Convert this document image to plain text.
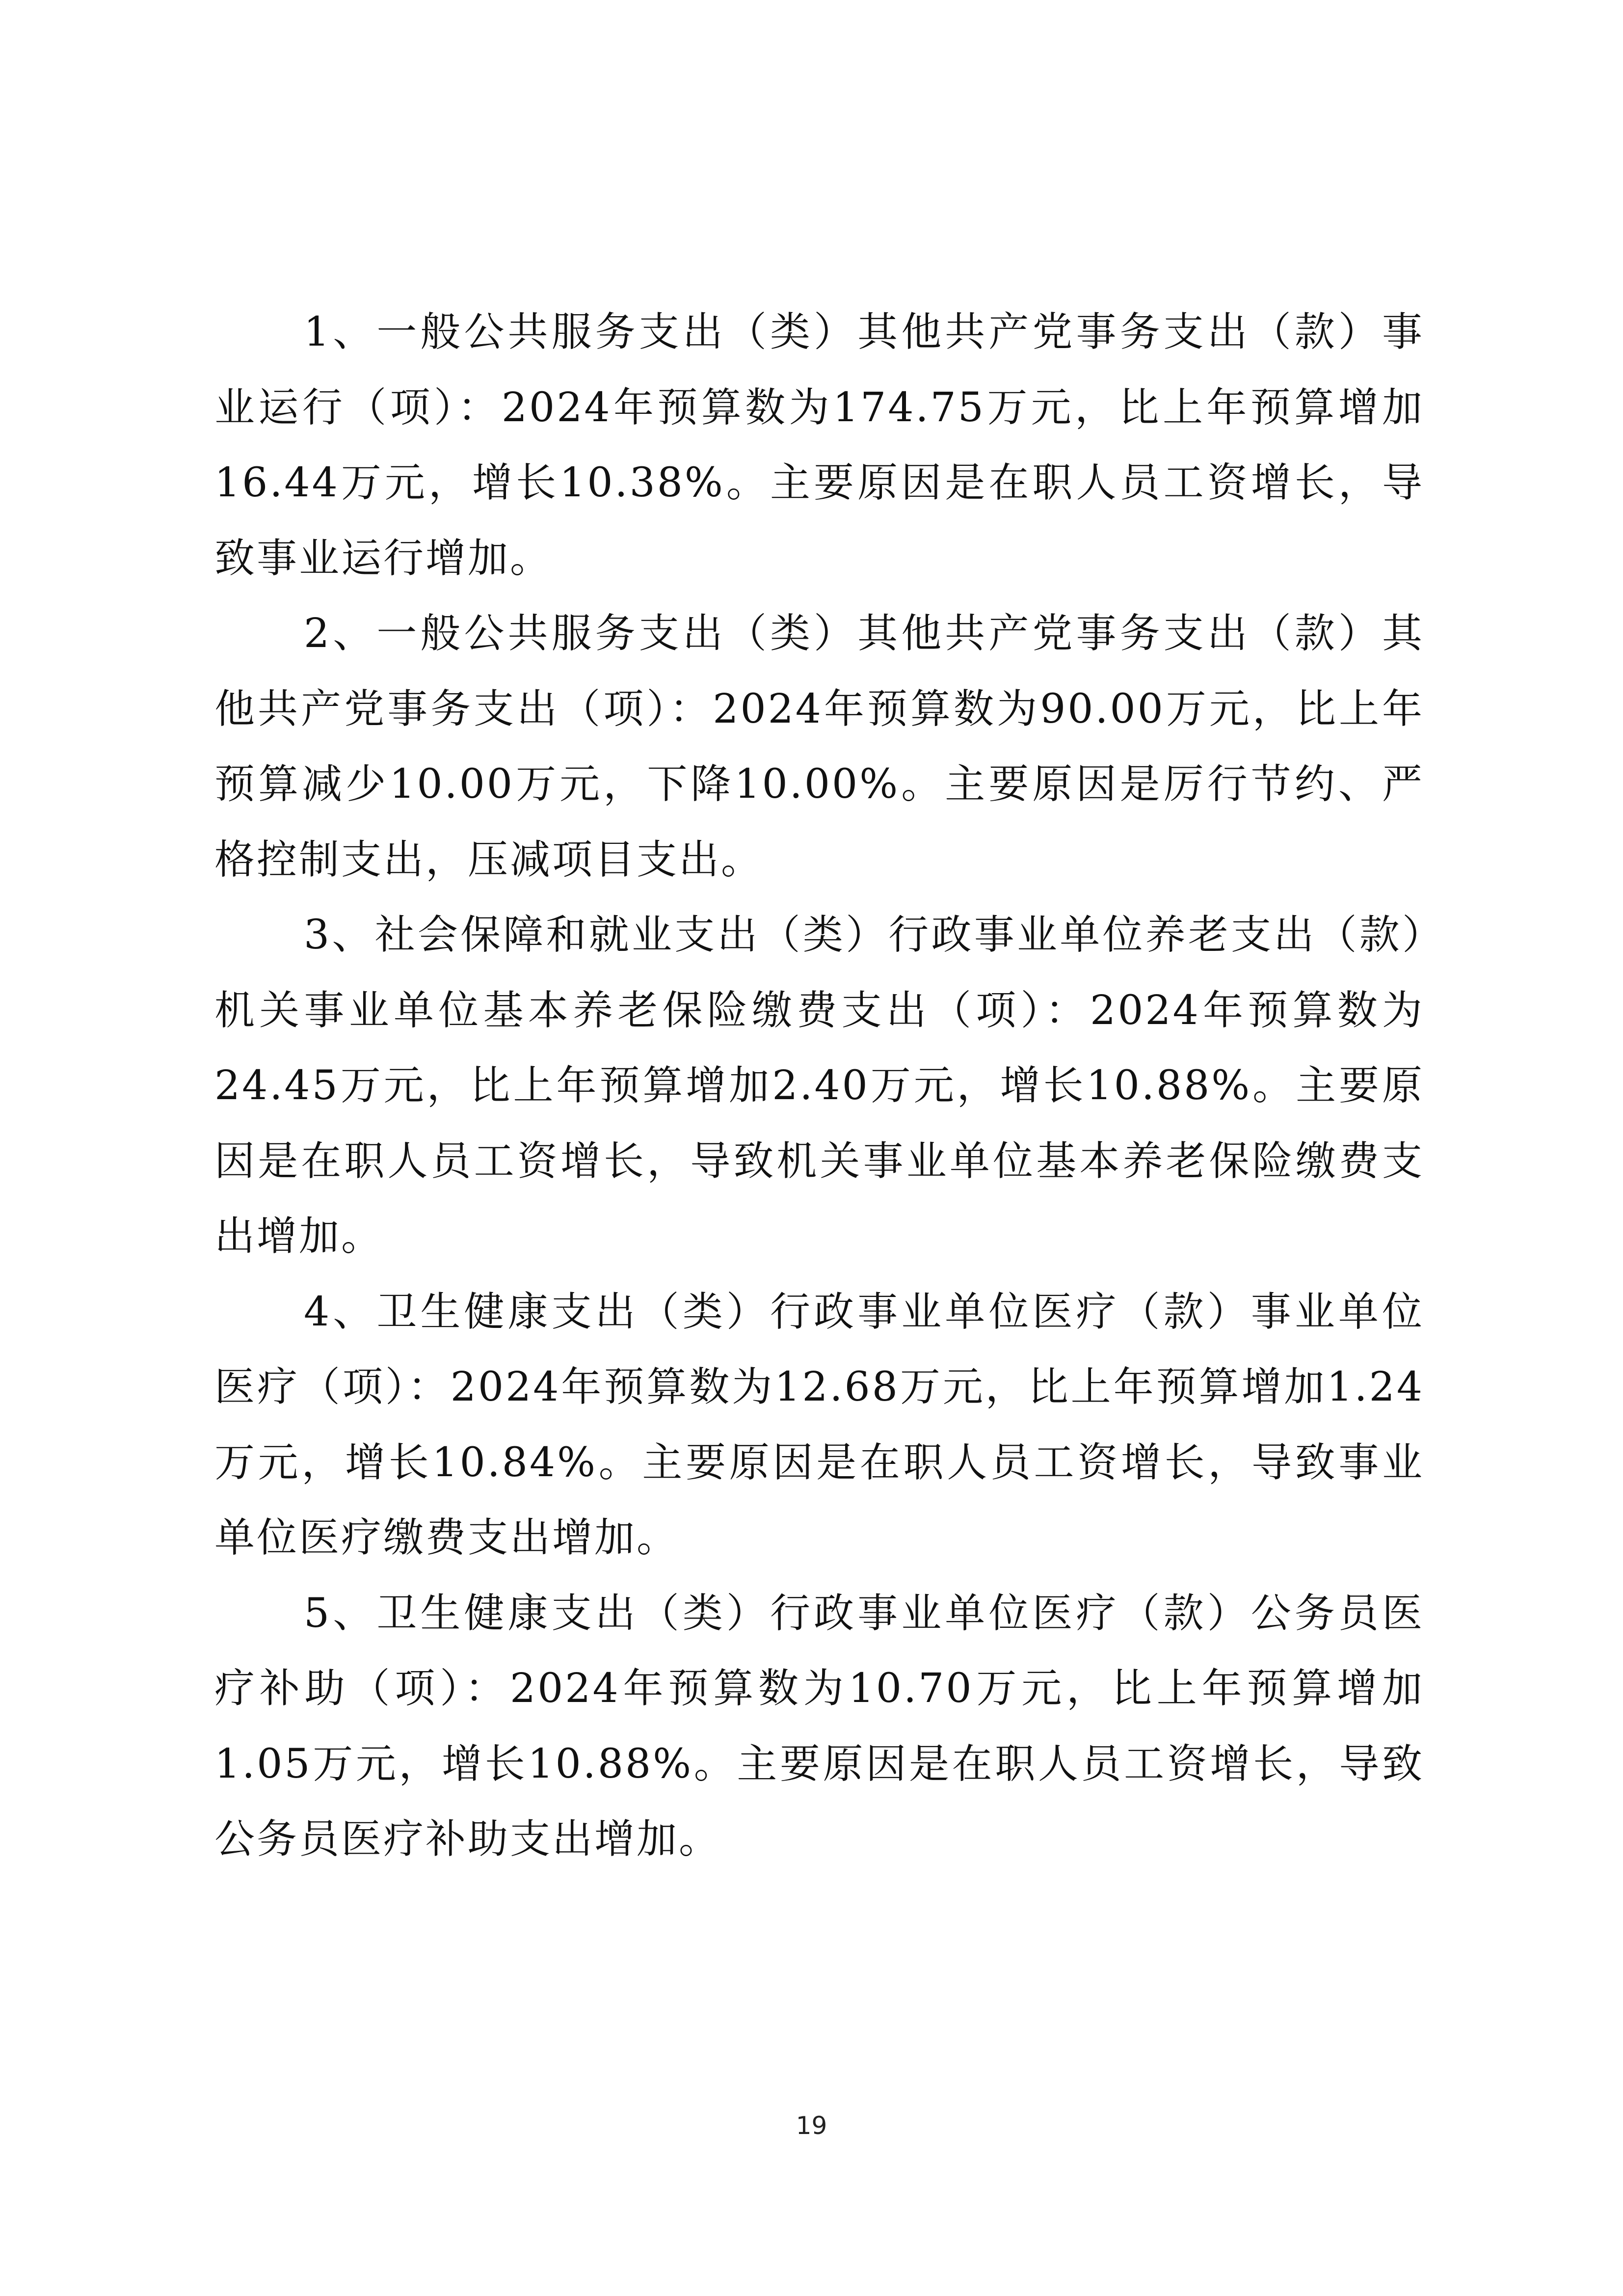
1、一般公共服务支出（类）其他共产党事务支出（款）事业运行（项）：2024年预算数为174.75万元，比上年预算增加16.44万元，增长10.38%。主要原因是在职人员工资增长，导致事业运行增加。

2、一般公共服务支出（类）其他共产党事务支出（款）其他共产党事务支出（项）：2024年预算数为90.00万元，比上年预算减少10.00万元，下降10.00%。主要原因是厉行节约、严格控制支出，压减项目支出。

3、社会保障和就业支出（类）行政事业单位养老支出（款）机关事业单位基本养老保险缴费支出（项）：2024年预算数为24.45万元，比上年预算增加2.40万元，增长10.88%。主要原因是在职人员工资增长，导致机关事业单位基本养老保险缴费支出增加。

4、卫生健康支出（类）行政事业单位医疗（款）事业单位医疗（项）：2024年预算数为12.68万元，比上年预算增加1.24万元，增长10.84%。主要原因是在职人员工资增长，导致事业单位医疗缴费支出增加。

5、卫生健康支出（类）行政事业单位医疗（款）公务员医疗补助（项）：2024年预算数为10.70万元，比上年预算增加1.05万元，增长10.88%。主要原因是在职人员工资增长，导致公务员医疗补助支出增加。

19
